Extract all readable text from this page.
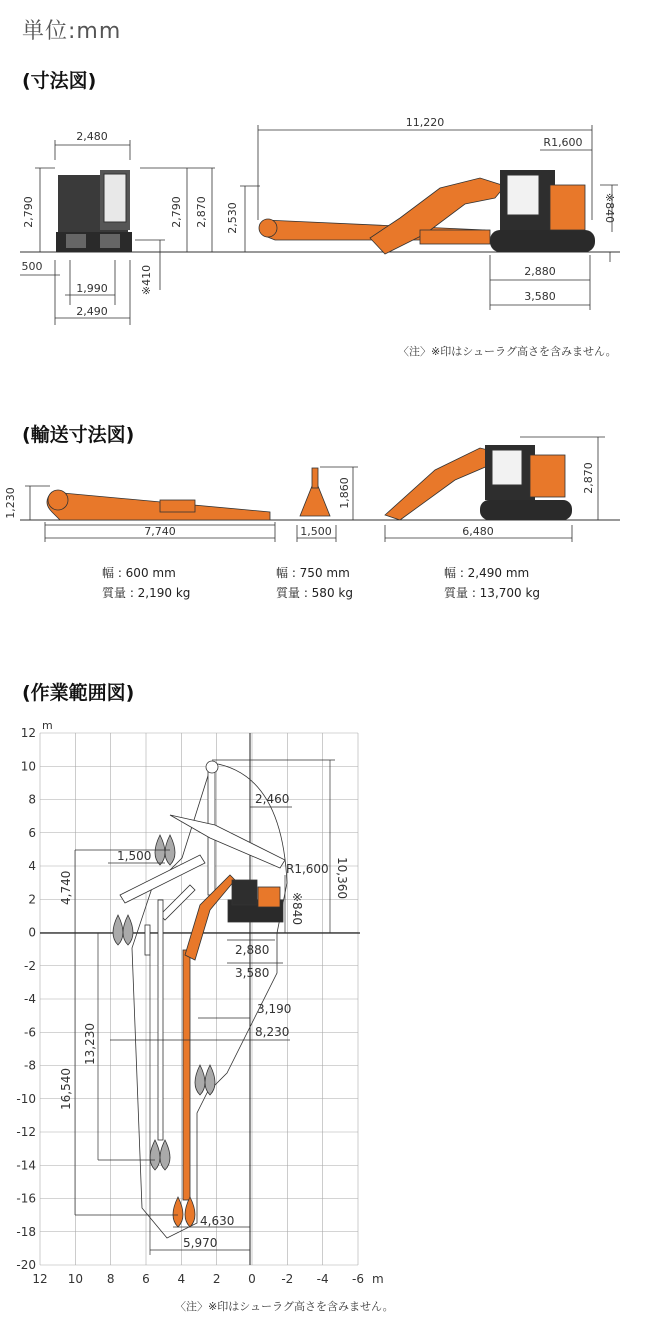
単位:mm
(寸法図)
2,480
2,790
500
1,990
2,490
※410
2,790 2,870 2,530
11,220
R1,600
※840
2,880
3,580
〈注〉※印はシューラグ高さを含みません。
(輸送寸法図)
1,230
7,740
1,860
1,500
2,870
6,480
幅 : 600 mm
質量 : 2,190 kg
幅 : 750 mm
質量 : 580 kg
幅 : 2,490 mm
質量 : 13,700 kg
(作業範囲図)
12
10
8
6
4
2
0
-2
-4
-6
-8
-10
-12
-14
-16
-18
-20
12 10 8 6 4 2 0 -2 -4 -6
m
m
2,460
10,360
1,500
R1,600
4,740
※840
2,880
3,580
3,190
8,230
13,230
16,540
4,630
5,970
〈注〉※印はシューラグ高さを含みません。
